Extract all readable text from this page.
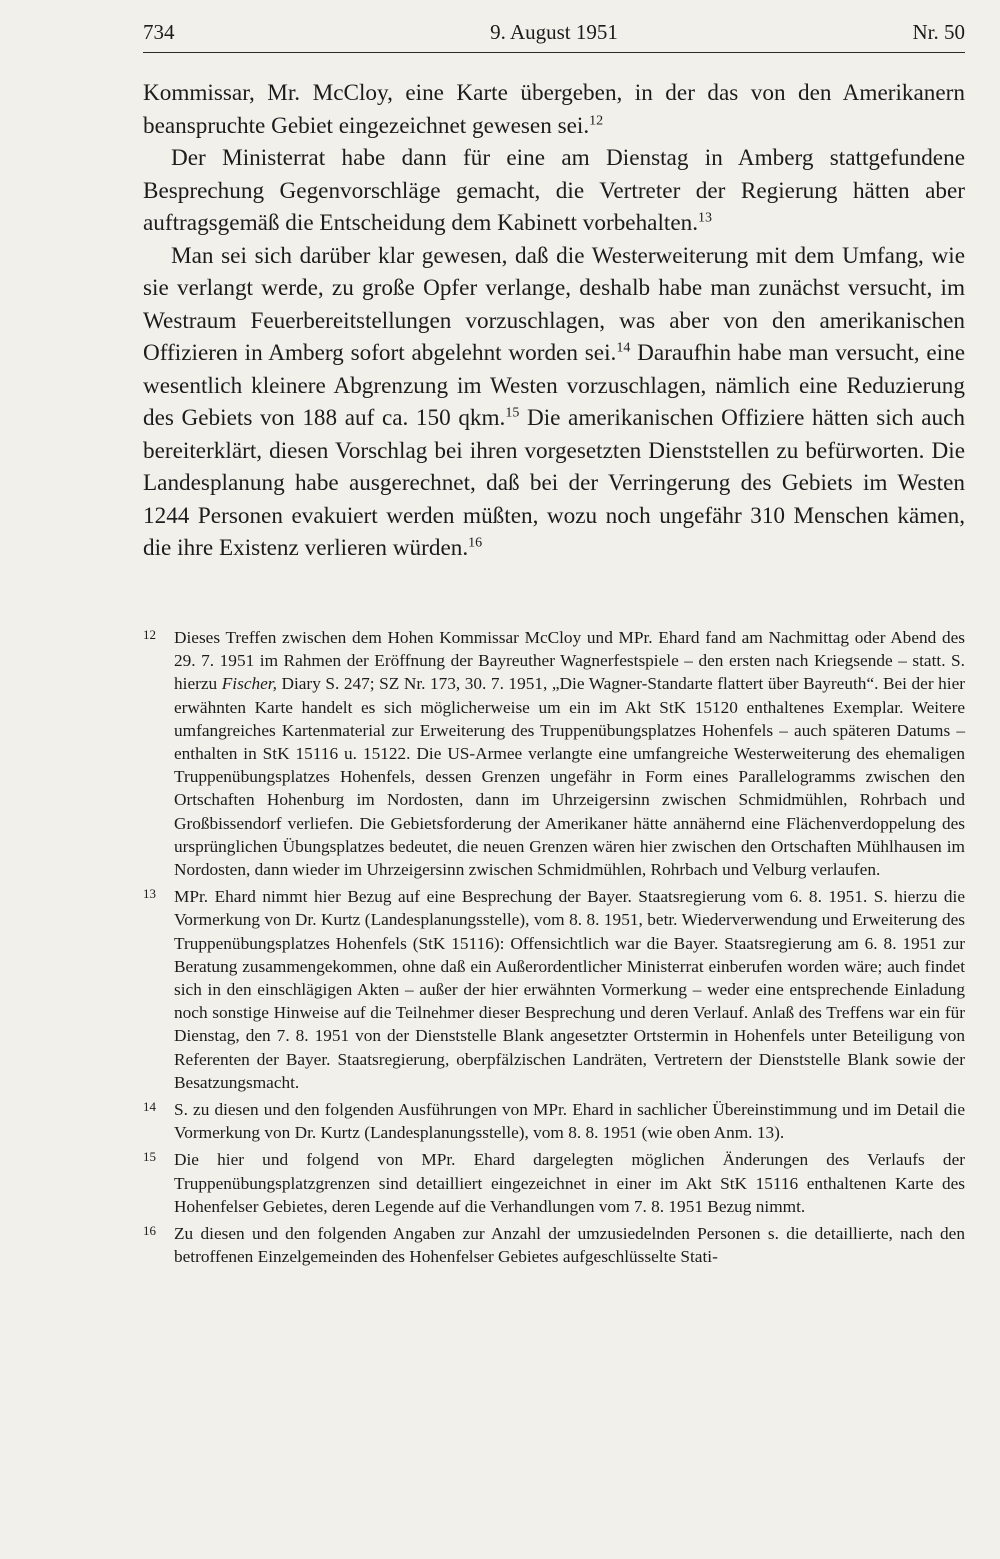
9. August 1951
734	Nr. 50

Kommissar, Mr. McCloy, eine Karte übergeben, in der das von den Amerikanern beanspruchte Gebiet eingezeichnet gewesen sei.$^{12}$

Der Ministerrat habe dann für eine am Dienstag in Amberg stattgefundene Besprechung Gegenvorschläge gemacht, die Vertreter der Regierung hätten aber auftragsgemäß die Entscheidung dem Kabinett vorbehalten.$^{13}$

Man sei sich darüber klar gewesen, daß die Westerweiterung mit dem Umfang, wie sie verlangt werde, zu große Opfer verlange, deshalb habe man zunächst versucht, im Westraum Feuerbereitstellungen vorzuschlagen, was aber von den amerikanischen Offizieren in Amberg sofort abgelehnt worden sei.$^{14}$ Daraufhin habe man versucht, eine wesentlich kleinere Abgrenzung im Westen vorzuschlagen, nämlich eine Reduzierung des Gebiets von 188 auf ca. 150 qkm.$^{15}$ Die amerikanischen Offiziere hätten sich auch bereiterklärt, diesen Vorschlag bei ihren vorgesetzten Dienststellen zu befürworten. Die Landesplanung habe ausgerechnet, daß bei der Verringerung des Gebiets im Westen 1244 Personen evakuiert werden müßten, wozu noch ungefähr 310 Menschen kämen, die ihre Existenz verlieren würden.$^{16}$

12 Dieses Treffen zwischen dem Hohen Kommissar McCloy und MPr. Ehard fand am Nachmittag oder Abend des 29. 7. 1951 im Rahmen der Eröffnung der Bayreuther Wagnerfestspiele – den ersten nach Kriegsende – statt. S. hierzu Fischer, Diary S. 247; SZ Nr. 173, 30. 7. 1951, „Die Wagner-Standarte flattert über Bayreuth“. Bei der hier erwähnten Karte handelt es sich möglicherweise um ein im Akt StK 15120 enthaltenes Exemplar. Weitere umfangreiches Kartenmaterial zur Erweiterung des Truppenübungsplatzes Hohenfels – auch späteren Datums – enthalten in StK 15116 u. 15122. Die US-Armee verlangte eine umfangreiche Westerweiterung des ehemaligen Truppenübungsplatzes Hohenfels, dessen Grenzen ungefähr in Form eines Parallelogramms zwischen den Ortschaften Hohenburg im Nordosten, dann im Uhrzeigersinn zwischen Schmidmühlen, Rohrbach und Großbissendorf verliefen. Die Gebietsforderung der Amerikaner hätte annähernd eine Flächenverdoppelung des ursprünglichen Übungsplatzes bedeutet, die neuen Grenzen wären hier zwischen den Ortschaften Mühlhausen im Nordosten, dann wieder im Uhrzeigersinn zwischen Schmidmühlen, Rohrbach und Velburg verlaufen.
13 MPr. Ehard nimmt hier Bezug auf eine Besprechung der Bayer. Staatsregierung vom 6. 8. 1951. S. hierzu die Vormerkung von Dr. Kurtz (Landesplanungsstelle), vom 8. 8. 1951, betr. Wiederverwendung und Erweiterung des Truppenübungsplatzes Hohenfels (StK 15116): Offensichtlich war die Bayer. Staatsregierung am 6. 8. 1951 zur Beratung zusammengekommen, ohne daß ein Außerordentlicher Ministerrat einberufen worden wäre; auch findet sich in den einschlägigen Akten – außer der hier erwähnten Vormerkung – weder eine entsprechende Einladung noch sonstige Hinweise auf die Teilnehmer dieser Besprechung und deren Verlauf. Anlaß des Treffens war ein für Dienstag, den 7. 8. 1951 von der Dienststelle Blank angesetzter Ortstermin in Hohenfels unter Beteiligung von Referenten der Bayer. Staatsregierung, oberpfälzischen Landräten, Vertretern der Dienststelle Blank sowie der Besatzungsmacht.
14 S. zu diesen und den folgenden Ausführungen von MPr. Ehard in sachlicher Übereinstimmung und im Detail die Vormerkung von Dr. Kurtz (Landesplanungsstelle), vom 8. 8. 1951 (wie oben Anm. 13).
15 Die hier und folgend von MPr. Ehard dargelegten möglichen Änderungen des Verlaufs der Truppenübungsplatzgrenzen sind detailliert eingezeichnet in einer im Akt StK 15116 enthaltenen Karte des Hohenfelser Gebietes, deren Legende auf die Verhandlungen vom 7. 8. 1951 Bezug nimmt.
16 Zu diesen und den folgenden Angaben zur Anzahl der umzusiedelnden Personen s. die detaillierte, nach den betroffenen Einzelgemeinden des Hohenfelser Gebietes aufgeschlüsselte Stati-
